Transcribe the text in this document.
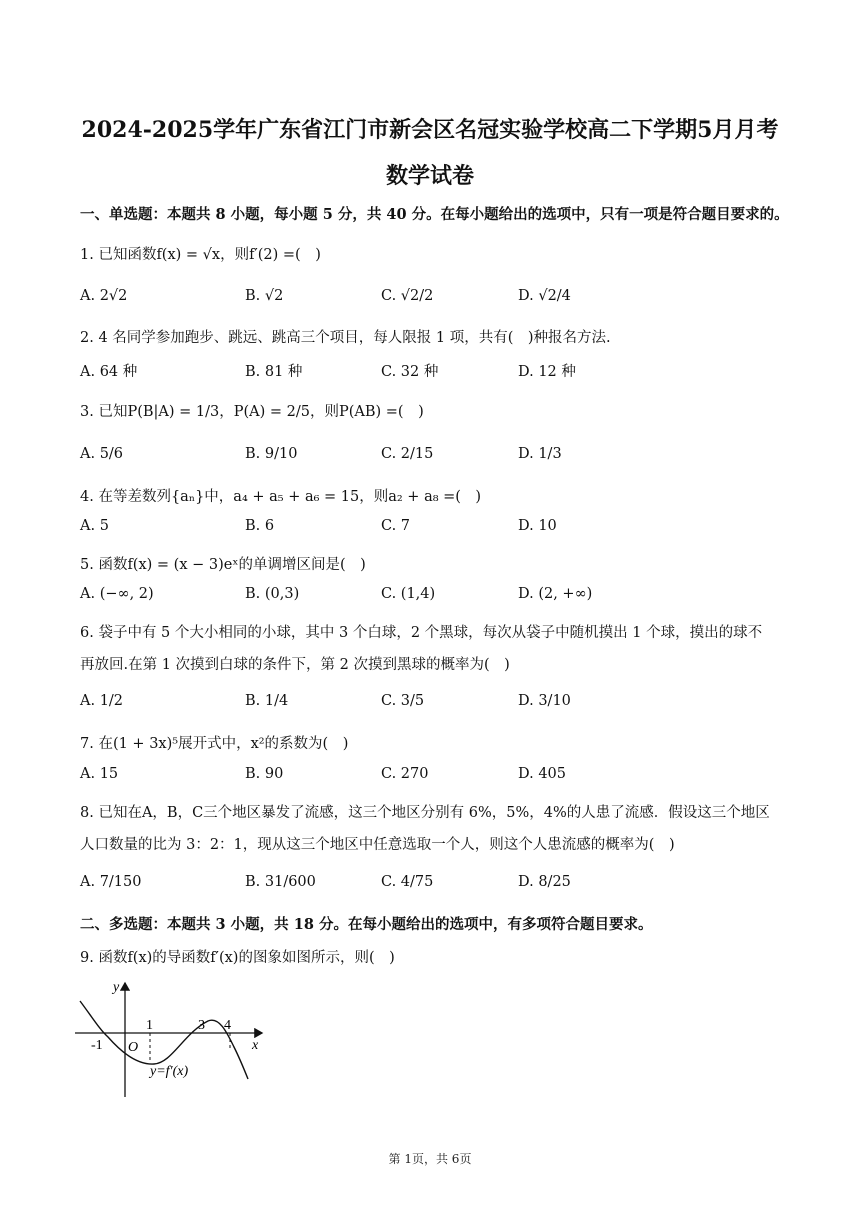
2024-2025学年广东省江门市新会区名冠实验学校高二下学期5月月考
数学试卷
一、单选题：本题共 8 小题，每小题 5 分，共 40 分。在每小题给出的选项中，只有一项是符合题目要求的。
1. 已知函数f(x) = √x，则f′(2) =(　)
A. 2√2	B. √2	C. √2/2	D. √2/4
2. 4 名同学参加跑步、跳远、跳高三个项目，每人限报 1 项，共有(　)种报名方法.
A. 64 种	B. 81 种	C. 32 种	D. 12 种
3. 已知P(B|A) = 1/3，P(A) = 2/5，则P(AB) =(　)
A. 5/6	B. 9/10	C. 2/15	D. 1/3
4. 在等差数列{aₙ}中，a₄ + a₅ + a₆ = 15，则a₂ + a₈ =(　)
A. 5	B. 6	C. 7	D. 10
5. 函数f(x) = (x − 3)eˣ的单调增区间是(　)
A. (−∞, 2)	B. (0,3)	C. (1,4)	D. (2, +∞)
6. 袋子中有 5 个大小相同的小球，其中 3 个白球，2 个黑球，每次从袋子中随机摸出 1 个球，摸出的球不
再放回.在第 1 次摸到白球的条件下，第 2 次摸到黑球的概率为(　)
A. 1/2	B. 1/4	C. 3/5	D. 3/10
7. 在(1 + 3x)⁵展开式中，x²的系数为(　)
A. 15	B. 90	C. 270	D. 405
8. 已知在A，B，C三个地区暴发了流感，这三个地区分别有 6%，5%，4%的人患了流感．假设这三个地区
人口数量的比为 3：2：1，现从这三个地区中任意选取一个人，则这个人患流感的概率为(　)
A. 7/150	B. 31/600	C. 4/75	D. 8/25
二、多选题：本题共 3 小题，共 18 分。在每小题给出的选项中，有多项符合题目要求。
9. 函数f(x)的导函数f′(x)的图象如图所示，则(　)
y
x
O
-1
1	3 4
y=f′(x)
第 1页，共 6页
